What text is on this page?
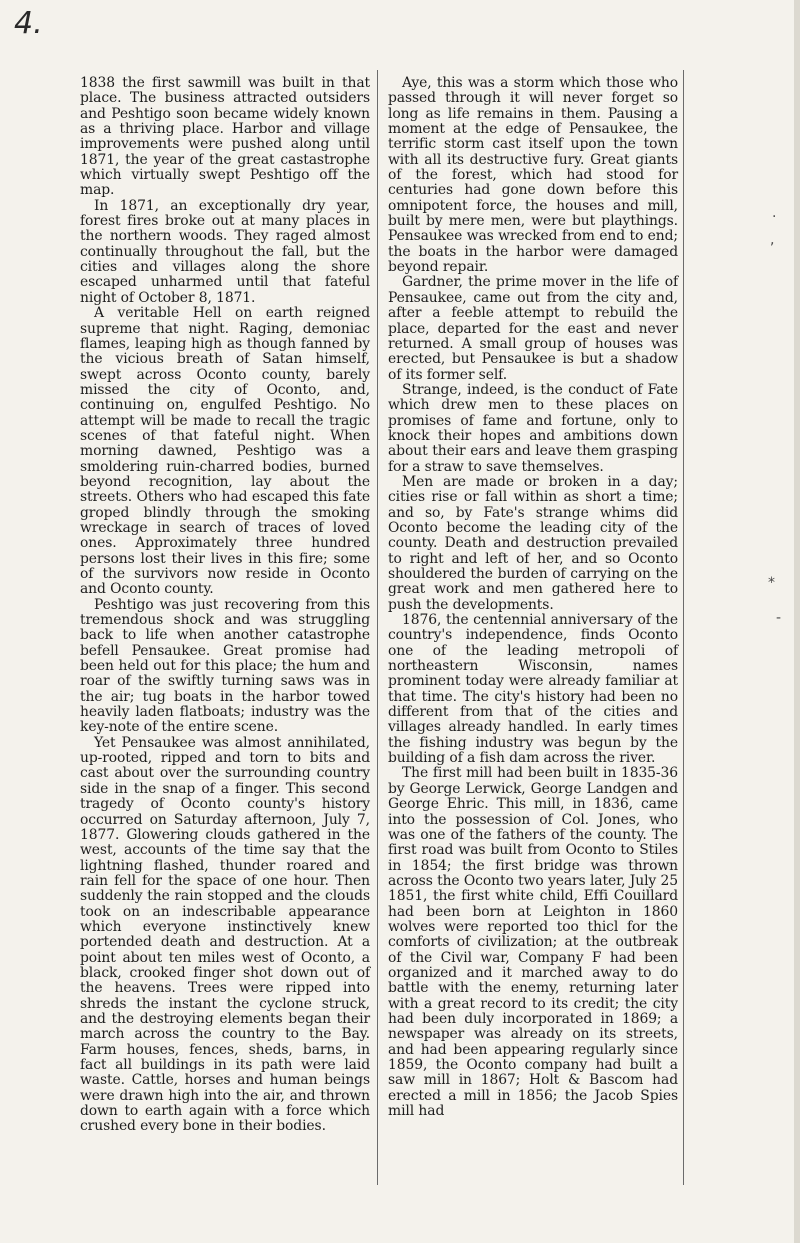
4.

1838 the first sawmill was built in that place. The business attracted outsiders and Peshtigo soon became widely known as a thriving place. Harbor and village improvements were pushed along until 1871, the year of the great castastrophe which virtually swept Peshtigo off the map.

In 1871, an exceptionally dry year, forest fires broke out at many places in the northern woods. They raged almost continually throughout the fall, but the cities and villages along the shore escaped unharmed until that fateful night of October 8, 1871.

A veritable Hell on earth reigned supreme that night. Raging, demoniac flames, leaping high as though fanned by the vicious breath of Satan himself, swept across Oconto county, barely missed the city of Oconto, and, continuing on, engulfed Peshtigo. No attempt will be made to recall the tragic scenes of that fateful night. When morning dawned, Peshtigo was a smoldering ruin-charred bodies, burned beyond recognition, lay about the streets. Others who had escaped this fate groped blindly through the smoking wreckage in search of traces of loved ones. Approximately three hundred persons lost their lives in this fire; some of the survivors now reside in Oconto and Oconto county.

Peshtigo was just recovering from this tremendous shock and was struggling back to life when another catastrophe befell Pensaukee. Great promise had been held out for this place; the hum and roar of the swiftly turning saws was in the air; tug boats in the harbor towed heavily laden flatboats; industry was the key-note of the entire scene.

Yet Pensaukee was almost annihilated, up-rooted, ripped and torn to bits and cast about over the surrounding country side in the snap of a finger. This second tragedy of Oconto county's history occurred on Saturday afternoon, July 7, 1877. Glowering clouds gathered in the west, accounts of the time say that the lightning flashed, thunder roared and rain fell for the space of one hour. Then suddenly the rain stopped and the clouds took on an indescribable appearance which everyone instinctively knew portended death and destruction. At a point about ten miles west of Oconto, a black, crooked finger shot down out of the heavens. Trees were ripped into shreds the instant the cyclone struck, and the destroying elements began their march across the country to the Bay. Farm houses, fences, sheds, barns, in fact all buildings in its path were laid waste. Cattle, horses and human beings were drawn high into the air, and thrown down to earth again with a force which crushed every bone in their bodies.

Aye, this was a storm which those who passed through it will never forget so long as life remains in them. Pausing a moment at the edge of Pensaukee, the terrific storm cast itself upon the town with all its destructive fury. Great giants of the forest, which had stood for centuries had gone down before this omnipotent force, the houses and mill, built by mere men, were but playthings. Pensaukee was wrecked from end to end; the boats in the harbor were damaged beyond repair.

Gardner, the prime mover in the life of Pensaukee, came out from the city and, after a feeble attempt to rebuild the place, departed for the east and never returned. A small group of houses was erected, but Pensaukee is but a shadow of its former self.

Strange, indeed, is the conduct of Fate which drew men to these places on promises of fame and fortune, only to knock their hopes and ambitions down about their ears and leave them grasping for a straw to save themselves.

Men are made or broken in a day; cities rise or fall within as short a time; and so, by Fate's strange whims did Oconto become the leading city of the county. Death and destruction prevailed to right and left of her, and so Oconto shouldered the burden of carrying on the great work and men gathered here to push the developments.

1876, the centennial anniversary of the country's independence, finds Oconto one of the leading metropoli of northeastern Wisconsin, names prominent today were already familiar at that time. The city's history had been no different from that of the cities and villages already handled. In early times the fishing industry was begun by the building of a fish dam across the river.

The first mill had been built in 1835-36 by George Lerwick, George Landgen and George Ehric. This mill, in 1836, came into the possession of Col. Jones, who was one of the fathers of the county. The first road was built from Oconto to Stiles in 1854; the first bridge was thrown across the Oconto two years later, July 25 1851, the first white child, Effi Couillard had been born at Leighton in 1860 wolves were reported too thicl for the comforts of civilization; at the outbreak of the Civil war, Company F had been organized and it marched away to do battle with the enemy, returning later with a great record to its credit; the city had been duly incorporated in 1869; a newspaper was already on its streets, and had been appearing regularly since 1859, the Oconto company had built a saw mill in 1867; Holt & Bascom had erected a mill in 1856; the Jacob Spies mill had

.
,
*
-
